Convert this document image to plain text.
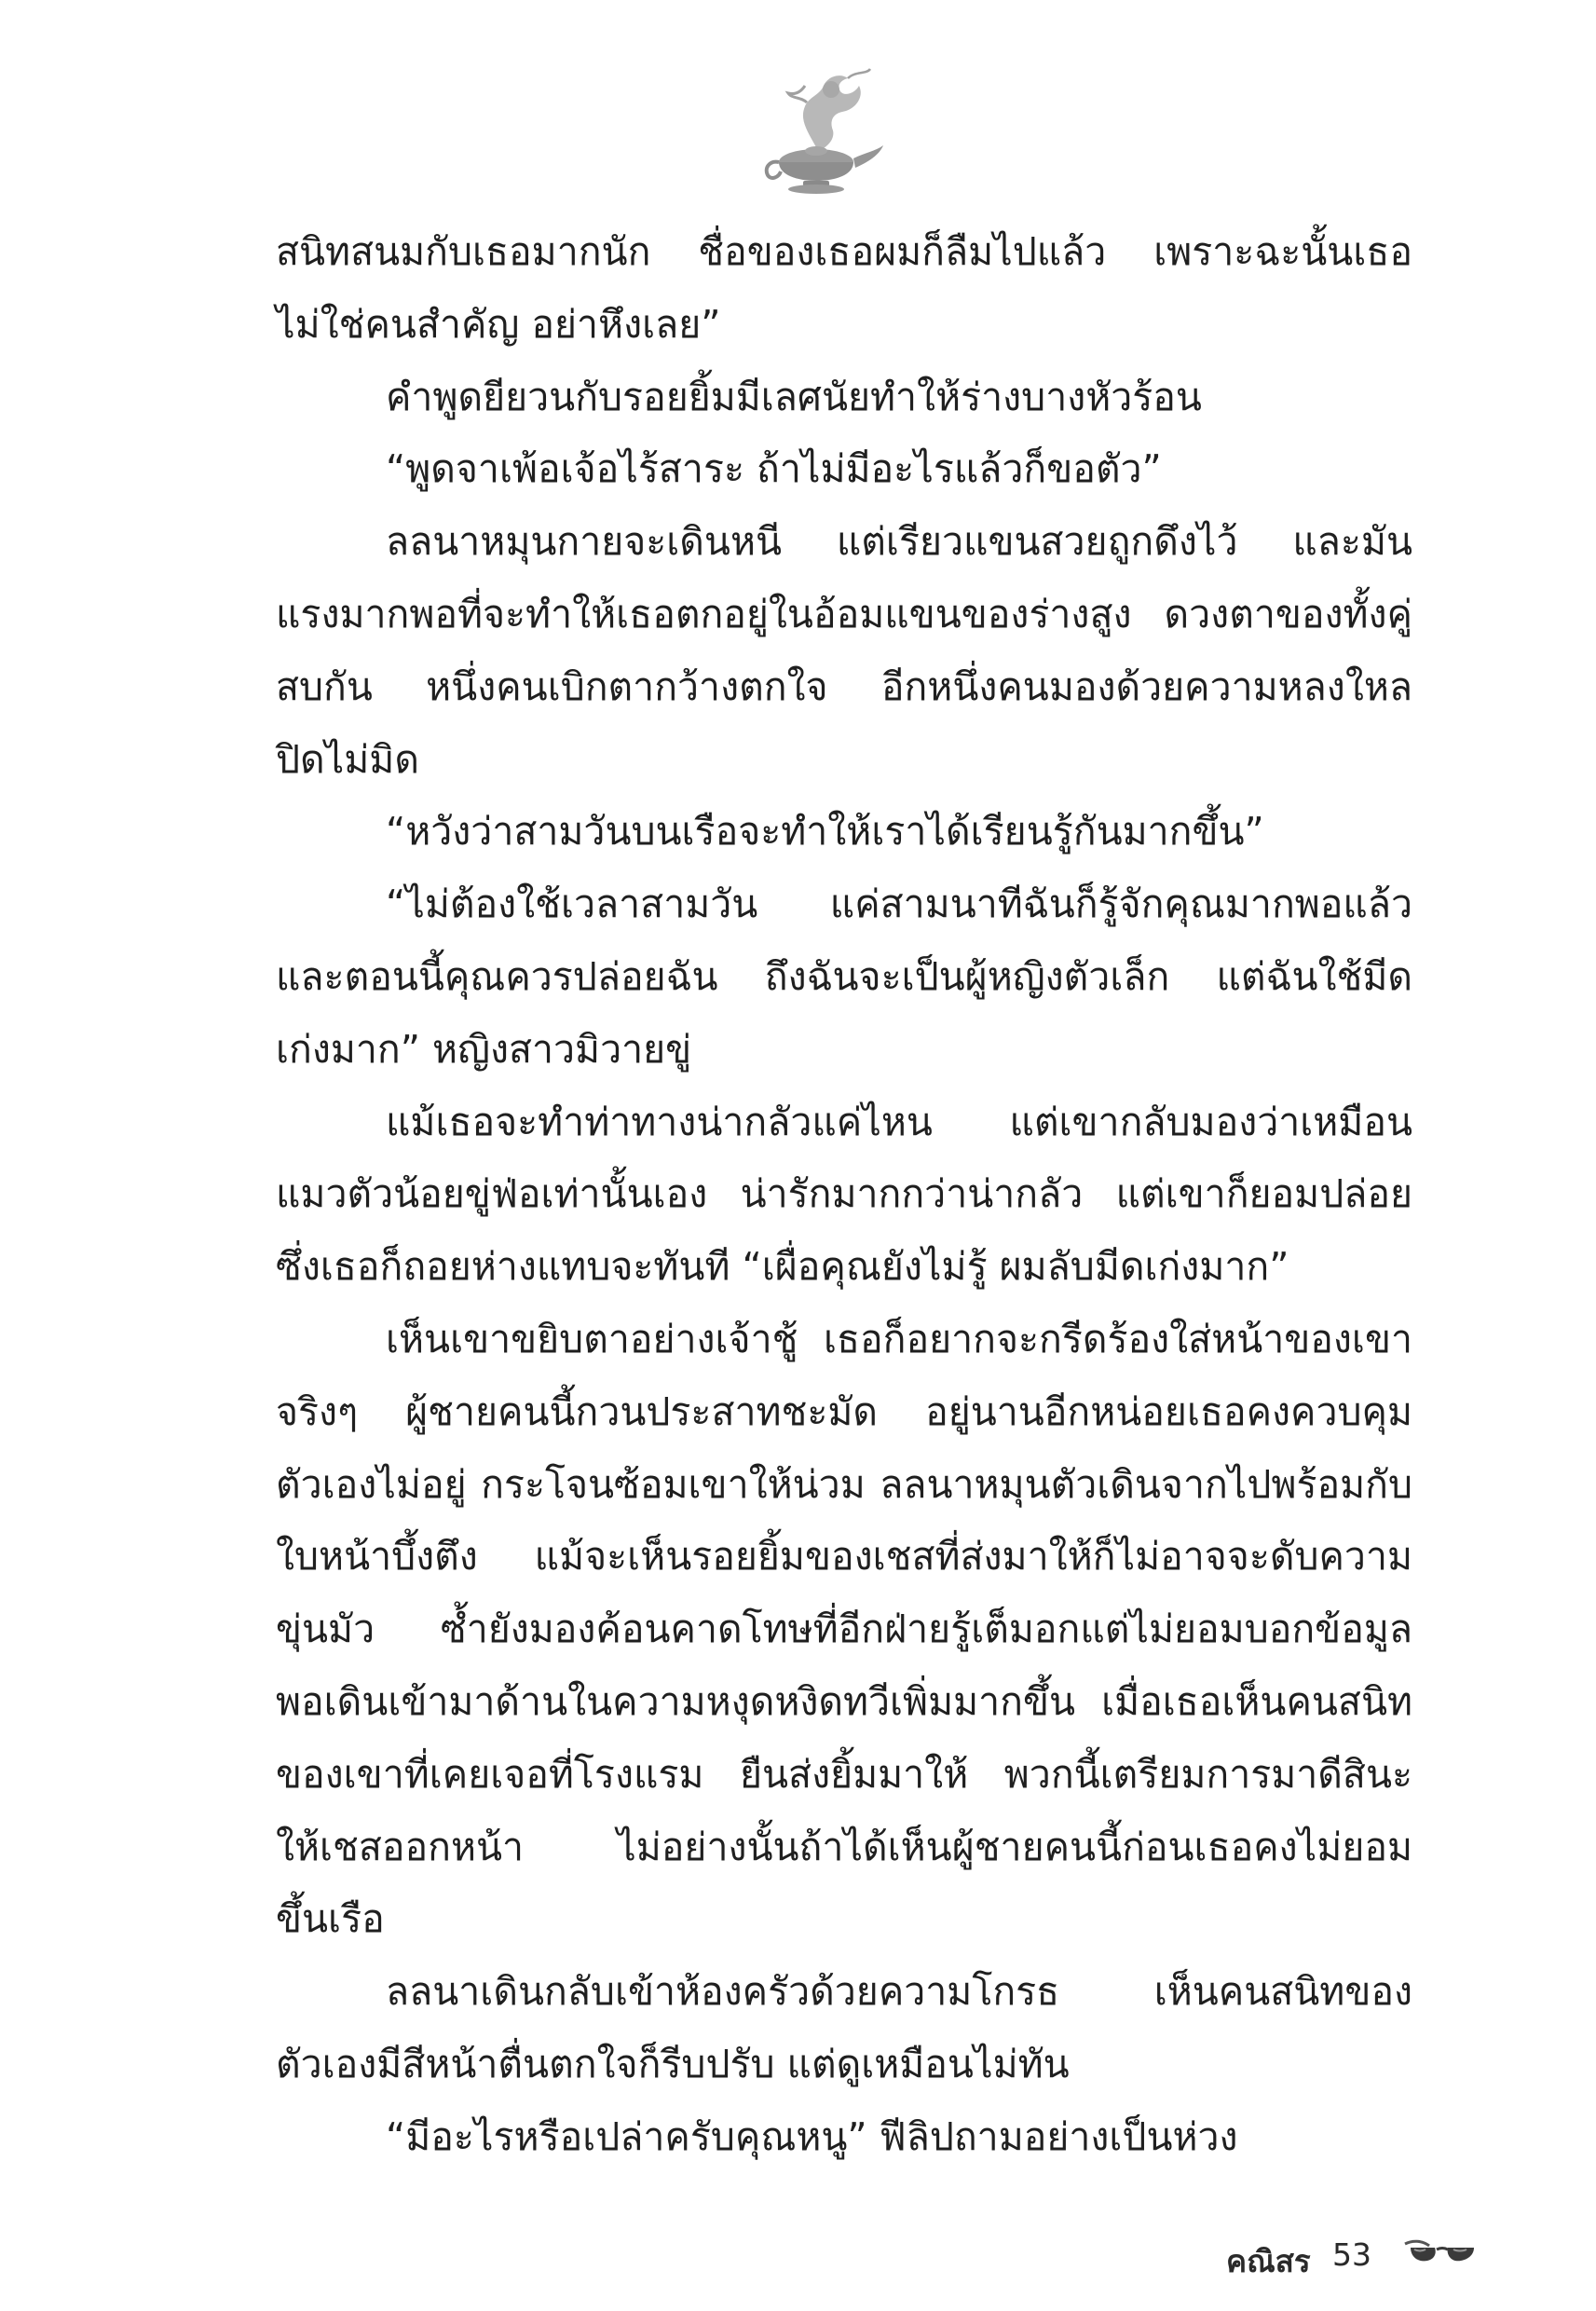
สนิทสนมกับเธอมากนัก ชื่อของเธอผมก็ลืมไปแล้ว เพราะฉะนั้นเธอ
ไม่ใช่คนสำคัญ อย่าหึงเลย”
คำพูดยียวนกับรอยยิ้มมีเลศนัยทำให้ร่างบางหัวร้อน
“พูดจาเพ้อเจ้อไร้สาระ ถ้าไม่มีอะไรแล้วก็ขอตัว”
ลลนาหมุนกายจะเดินหนี แต่เรียวแขนสวยถูกดึงไว้ และมัน
แรงมากพอที่จะทำให้เธอตกอยู่ในอ้อมแขนของร่างสูง ดวงตาของทั้งคู่
สบกัน หนึ่งคนเบิกตากว้างตกใจ อีกหนึ่งคนมองด้วยความหลงใหล
ปิดไม่มิด
“หวังว่าสามวันบนเรือจะทำให้เราได้เรียนรู้กันมากขึ้น”
“ไม่ต้องใช้เวลาสามวัน แค่สามนาทีฉันก็รู้จักคุณมากพอแล้ว
และตอนนี้คุณควรปล่อยฉัน ถึงฉันจะเป็นผู้หญิงตัวเล็ก แต่ฉันใช้มีด
เก่งมาก” หญิงสาวมิวายขู่
แม้เธอจะทำท่าทางน่ากลัวแค่ไหน แต่เขากลับมองว่าเหมือน
แมวตัวน้อยขู่ฟ่อเท่านั้นเอง น่ารักมากกว่าน่ากลัว แต่เขาก็ยอมปล่อย
ซึ่งเธอก็ถอยห่างแทบจะทันที “เผื่อคุณยังไม่รู้ ผมลับมีดเก่งมาก”
เห็นเขาขยิบตาอย่างเจ้าชู้ เธอก็อยากจะกรีดร้องใส่หน้าของเขา
จริงๆ ผู้ชายคนนี้กวนประสาทชะมัด อยู่นานอีกหน่อยเธอคงควบคุม
ตัวเองไม่อยู่ กระโจนซ้อมเขาให้น่วม ลลนาหมุนตัวเดินจากไปพร้อมกับ
ใบหน้าบึ้งตึง แม้จะเห็นรอยยิ้มของเชสที่ส่งมาให้ก็ไม่อาจจะดับความ
ขุ่นมัว ซ้ำยังมองค้อนคาดโทษที่อีกฝ่ายรู้เต็มอกแต่ไม่ยอมบอกข้อมูล
พอเดินเข้ามาด้านในความหงุดหงิดทวีเพิ่มมากขึ้น เมื่อเธอเห็นคนสนิท
ของเขาที่เคยเจอที่โรงแรม ยืนส่งยิ้มมาให้ พวกนี้เตรียมการมาดีสินะ
ให้เชสออกหน้า ไม่อย่างนั้นถ้าได้เห็นผู้ชายคนนี้ก่อนเธอคงไม่ยอม
ขึ้นเรือ
ลลนาเดินกลับเข้าห้องครัวด้วยความโกรธ เห็นคนสนิทของ
ตัวเองมีสีหน้าตื่นตกใจก็รีบปรับ แต่ดูเหมือนไม่ทัน
“มีอะไรหรือเปล่าครับคุณหนู” ฟีลิปถามอย่างเป็นห่วง
คณิสร 53
